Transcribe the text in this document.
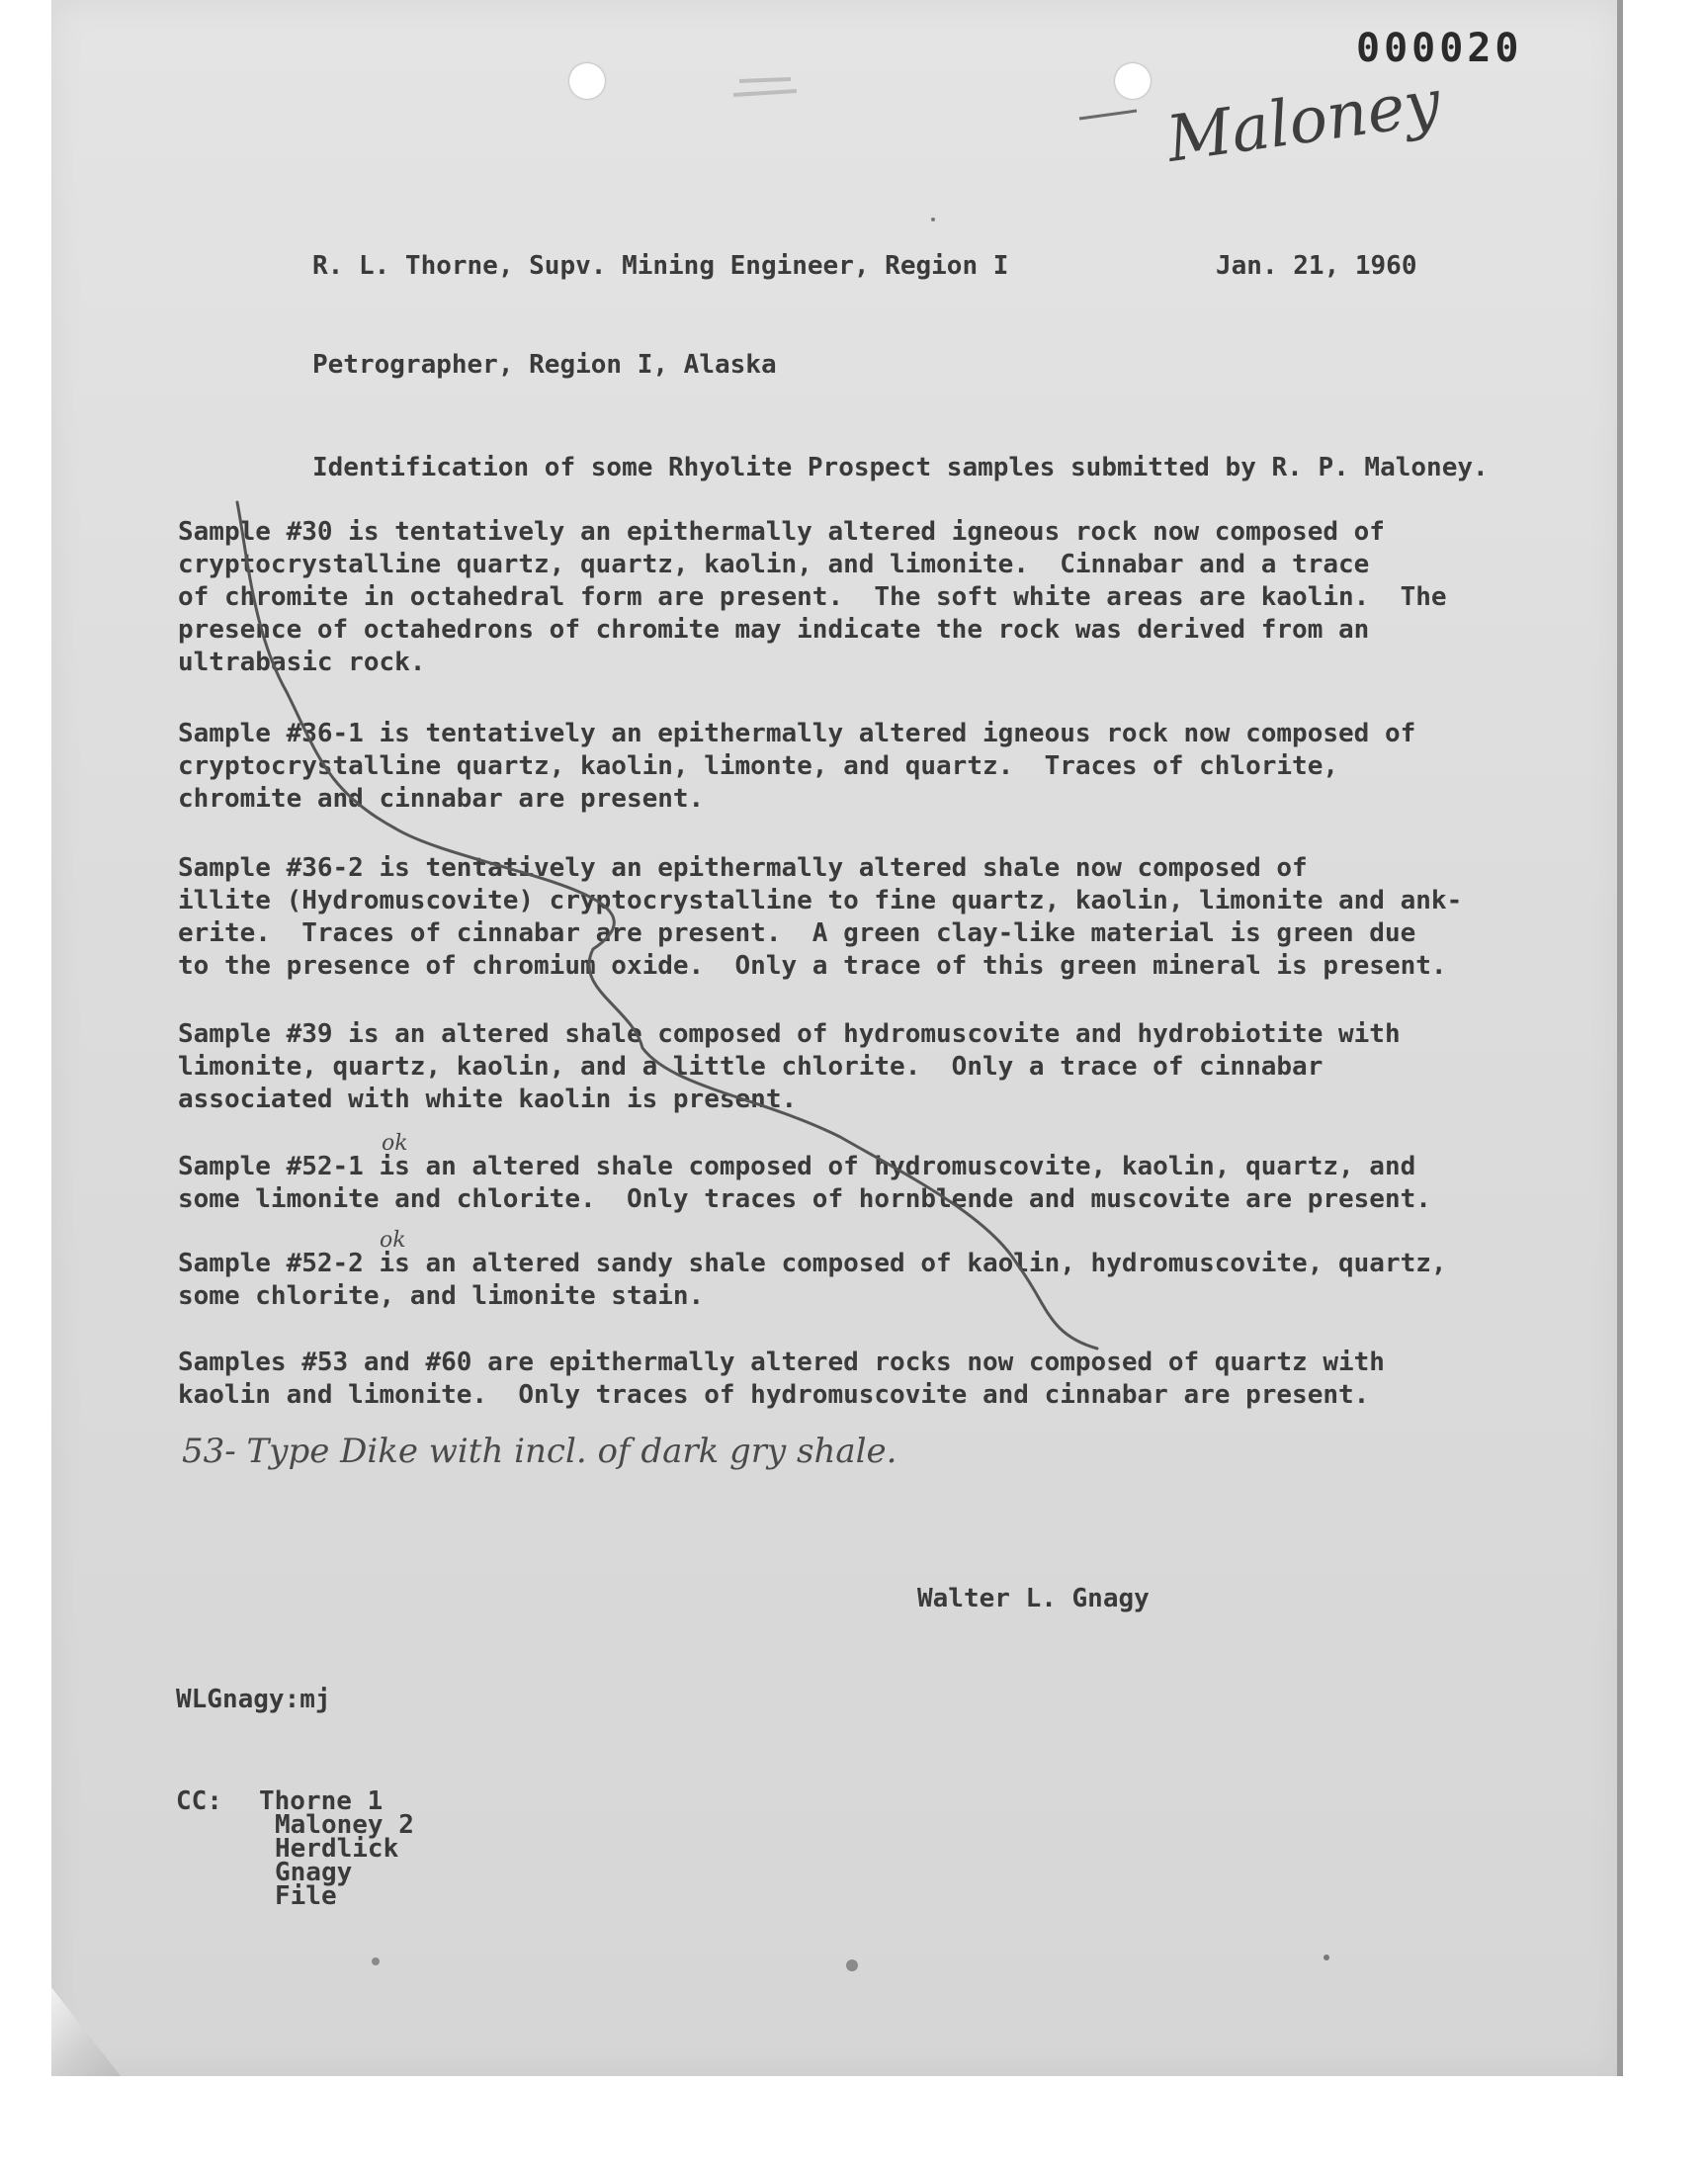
000020
Maloney
R. L. Thorne, Supv. Mining Engineer, Region I	Jan. 21, 1960
Petrographer, Region I, Alaska
Identification of some Rhyolite Prospect samples submitted by R. P. Maloney.
Sample #30 is tentatively an epithermally altered igneous rock now composed of
cryptocrystalline quartz, quartz, kaolin, and limonite.  Cinnabar and a trace
of chromite in octahedral form are present.  The soft white areas are kaolin.  The
presence of octahedrons of chromite may indicate the rock was derived from an
ultrabasic rock.
Sample #36-1 is tentatively an epithermally altered igneous rock now composed of
cryptocrystalline quartz, kaolin, limonte, and quartz.  Traces of chlorite,
chromite and cinnabar are present.
Sample #36-2 is tentatively an epithermally altered shale now composed of
illite (Hydromuscovite) cryptocrystalline to fine quartz, kaolin, limonite and ank-
erite.  Traces of cinnabar are present.  A green clay-like material is green due
to the presence of chromium oxide.  Only a trace of this green mineral is present.
Sample #39 is an altered shale composed of hydromuscovite and hydrobiotite with
limonite, quartz, kaolin, and a little chlorite.  Only a trace of cinnabar
associated with white kaolin is present.
Sample #52-1 is an altered shale composed of hydromuscovite, kaolin, quartz, and
some limonite and chlorite.  Only traces of hornblende and muscovite are present.
Sample #52-2 is an altered sandy shale composed of kaolin, hydromuscovite, quartz,
some chlorite, and limonite stain.
Samples #53 and #60 are epithermally altered rocks now composed of quartz with
kaolin and limonite.  Only traces of hydromuscovite and cinnabar are present.
ok
ok
53- Type Dike with incl. of dark gry shale.
Walter L. Gnagy
WLGnagy:mj
CC: Thorne 1
Maloney 2
Herdlick
Gnagy
File
